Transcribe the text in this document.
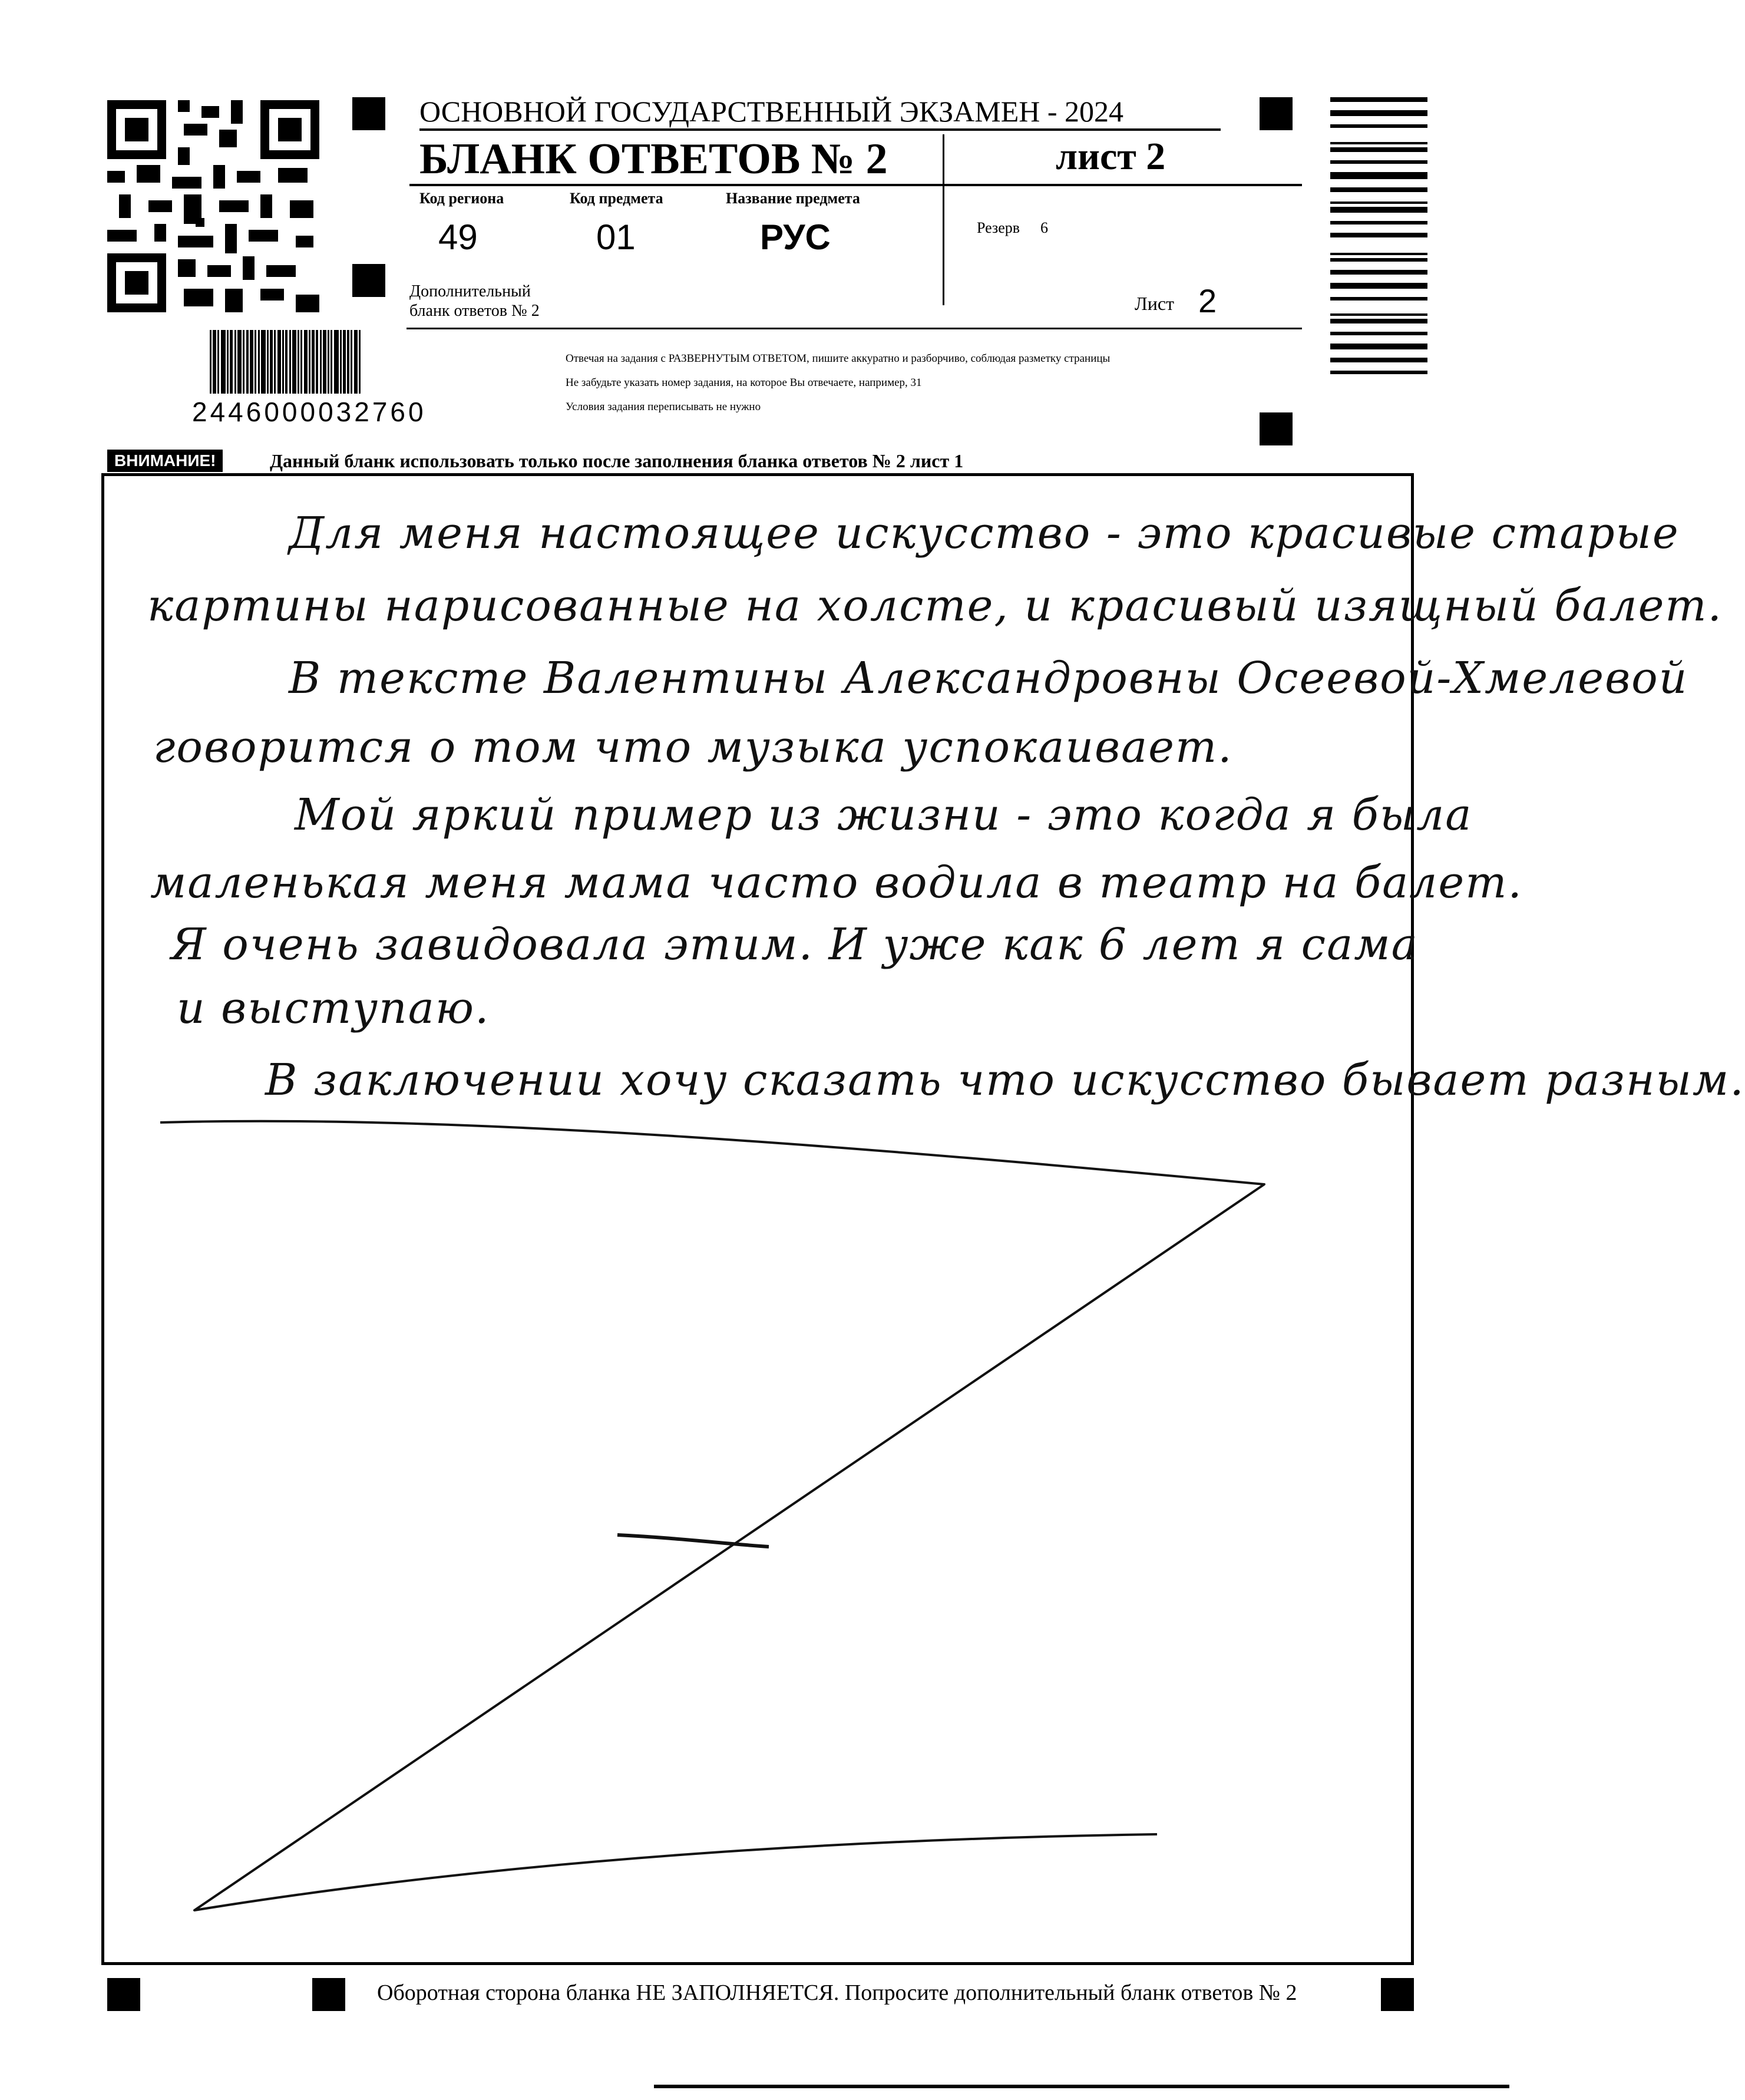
2446000032760
ОСНОВНОЙ ГОСУДАРСТВЕННЫЙ ЭКЗАМЕН - 2024
БЛАНК ОТВЕТОВ № 2	лист 2
Код региона	Код предмета	Название предмета
49	01	РУС	Резерв 6
Дополнительный
бланк ответов № 2	Лист 2
Отвечая на задания с РАЗВЕРНУТЫМ ОТВЕТОМ, пишите аккуратно и разборчиво, соблюдая разметку страницы
Не забудьте указать номер задания, на которое Вы отвечаете, например, 31
Условия задания переписывать не нужно
ВНИМАНИЕ!	Данный бланк использовать только после заполнения бланка ответов № 2 лист 1
Для меня настоящее искусство - это красивые старые
картины нарисованные на холсте, и красивый изящный балет.
В тексте Валентины Александровны Осеевой-Хмелевой
говорится о том что музыка успокаивает.
Мой яркий пример из жизни - это когда я была
маленькая меня мама часто водила в театр на балет.
Я очень завидовала этим. И уже как 6 лет я сама
и выступаю.
В заключении хочу сказать что искусство бывает разным.
Оборотная сторона бланка НЕ ЗАПОЛНЯЕТСЯ. Попросите дополнительный бланк ответов № 2
